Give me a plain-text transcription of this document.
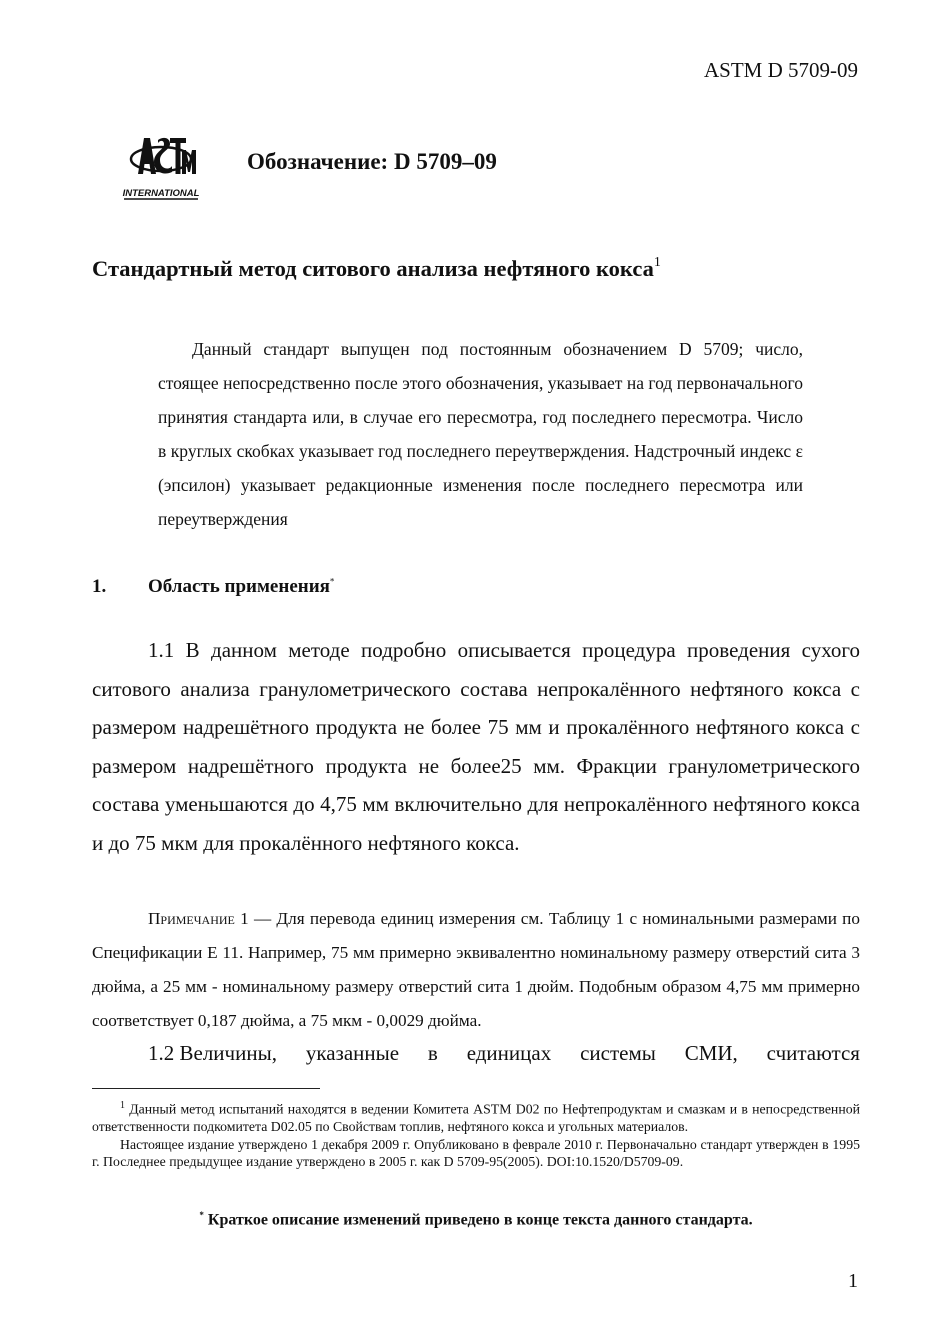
ASTM D 5709-09
INTERNATIONAL
Обозначение: D 5709–09
Стандартный метод ситового анализа нефтяного кокса$^1$

Данный стандарт выпущен под постоянным обозначением D 5709; число, стоящее непосредственно после этого обозначения, указывает на год первоначального принятия стандарта или, в случае его пересмотра, год последнего пересмотра. Число в круглых скобках указывает год последнего переутверждения. Надстрочный индекс ε (эпсилон) указывает редакционные изменения после последнего пересмотра или переутверждения

1. Область применения*

1.1 В данном методе подробно описывается процедура проведения сухого ситового анализа гранулометрического состава непрокалённого нефтяного кокса с размером надрешётного продукта не более 75 мм и прокалённого нефтяного кокса с размером надрешётного продукта не более25 мм. Фракции гранулометрического состава уменьшаются до 4,75 мм включительно для непрокалённого нефтяного кокса и до 75 мкм для прокалённого нефтяного кокса.

Примечание 1 — Для перевода единиц измерения см. Таблицу 1 с номинальными размерами по Спецификации E 11. Например, 75 мм примерно эквивалентно номинальному размеру отверстий сита 3 дюйма, а 25 мм - номинальному размеру отверстий сита 1 дюйм. Подобным образом 4,75 мм примерно соответствует 0,187 дюйма, а 75 мкм - 0,0029 дюйма.

1.2 Величины, указанные в единицах системы СМИ, считаются

$^1$ Данный метод испытаний находятся в ведении Комитета ASTM D02 по Нефтепродуктам и смазкам и в непосредственной ответственности подкомитета D02.05 по Свойствам топлив, нефтяного кокса и угольных материалов.

Настоящее издание утверждено 1 декабря 2009 г. Опубликовано в феврале 2010 г. Первоначально стандарт утвержден в 1995 г. Последнее предыдущее издание утверждено в 2005 г. как D 5709-95(2005). DOI:10.1520/D5709-09.

* Краткое описание изменений приведено в конце текста данного стандарта.
1
